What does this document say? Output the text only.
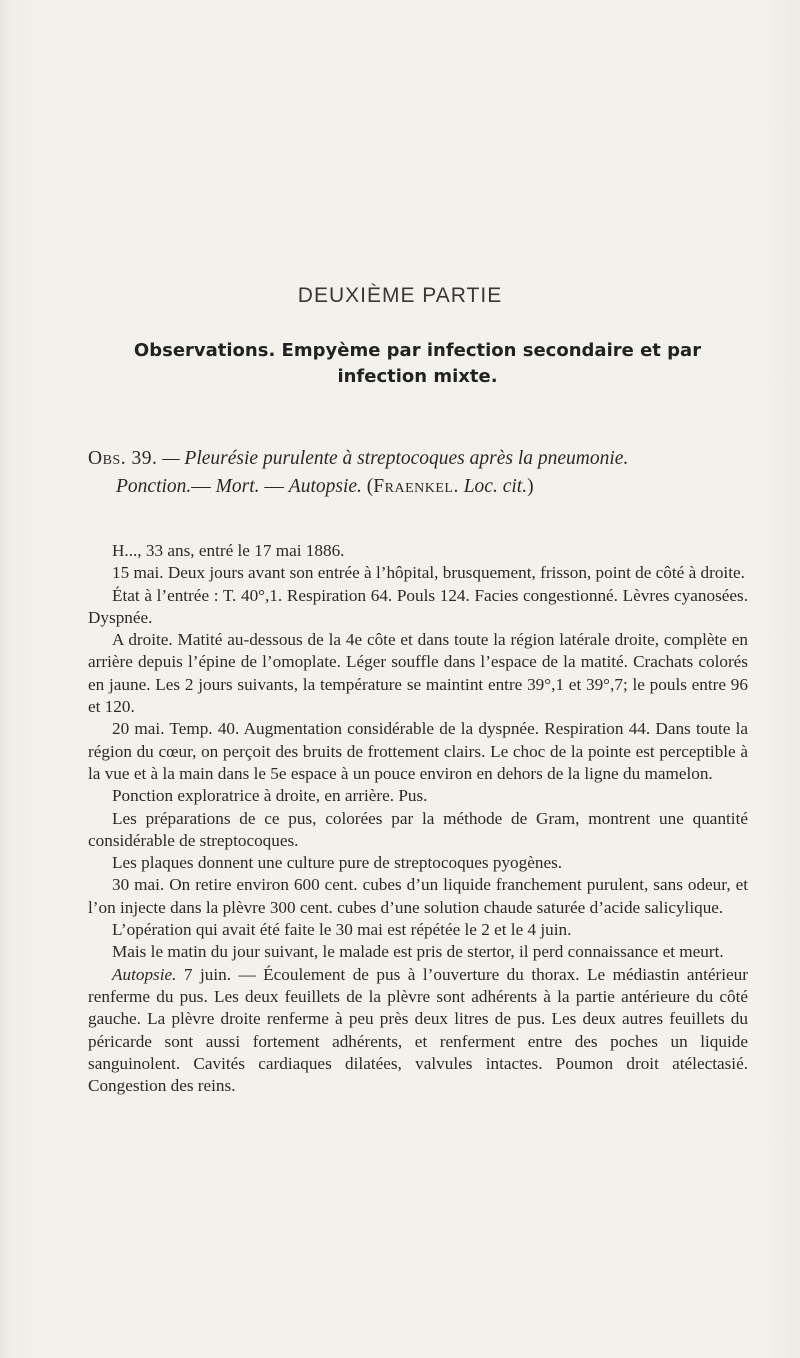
DEUXIÈME PARTIE
Observations. Empyème par infection secondaire et par infection mixte.

Obs. 39. — Pleurésie purulente à streptocoques après la pneumonie.
Ponction.— Mort. — Autopsie. (Fraenkel. Loc. cit.)

H..., 33 ans, entré le 17 mai 1886.

15 mai. Deux jours avant son entrée à l’hôpital, brusquement, frisson, point de côté à droite.

État à l’entrée : T. 40°,1. Respiration 64. Pouls 124. Facies congestionné. Lèvres cyanosées. Dyspnée.

A droite. Matité au-dessous de la 4e côte et dans toute la région latérale droite, complète en arrière depuis l’épine de l’omoplate. Léger souffle dans l’espace de la matité. Crachats colorés en jaune. Les 2 jours suivants, la température se maintint entre 39°,1 et 39°,7; le pouls entre 96 et 120.

20 mai. Temp. 40. Augmentation considérable de la dyspnée. Respiration 44. Dans toute la région du cœur, on perçoit des bruits de frottement clairs. Le choc de la pointe est perceptible à la vue et à la main dans le 5e espace à un pouce environ en dehors de la ligne du mamelon.

Ponction exploratrice à droite, en arrière. Pus.

Les préparations de ce pus, colorées par la méthode de Gram, montrent une quantité considérable de streptocoques.

Les plaques donnent une culture pure de streptocoques pyogènes.

30 mai. On retire environ 600 cent. cubes d’un liquide franchement purulent, sans odeur, et l’on injecte dans la plèvre 300 cent. cubes d’une solution chaude saturée d’acide salicylique.

L’opération qui avait été faite le 30 mai est répétée le 2 et le 4 juin.

Mais le matin du jour suivant, le malade est pris de stertor, il perd connaissance et meurt.

Autopsie. 7 juin. — Écoulement de pus à l’ouverture du thorax. Le médiastin antérieur renferme du pus. Les deux feuillets de la plèvre sont adhérents à la partie antérieure du côté gauche. La plèvre droite renferme à peu près deux litres de pus. Les deux autres feuillets du péricarde sont aussi fortement adhérents, et renferment entre des poches un liquide sanguinolent. Cavités cardiaques dilatées, valvules intactes. Poumon droit atélectasié. Congestion des reins.
